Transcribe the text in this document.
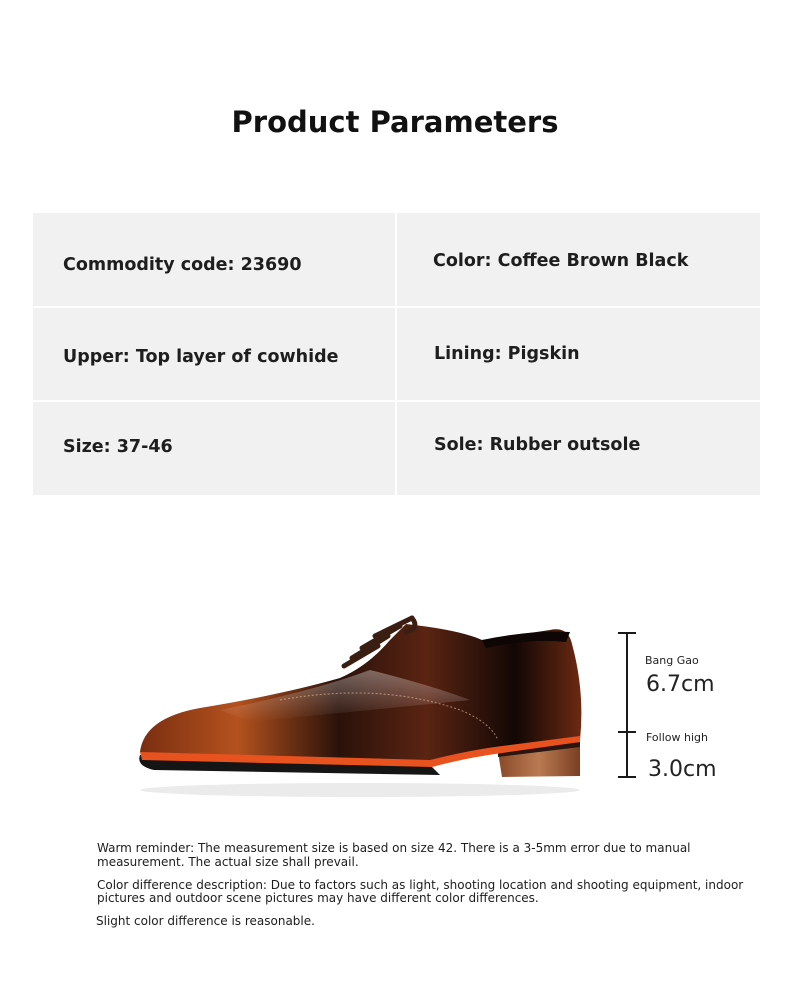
Product Parameters
Commodity code: 23690	Color: Coffee Brown Black
Upper: Top layer of cowhide	Lining: Pigskin
Size: 37-46	Sole: Rubber outsole
Bang Gao
6.7cm
Follow high
3.0cm
Warm reminder: The measurement size is based on size 42. There is a 3-5mm error due to manual
measurement. The actual size shall prevail.
Color difference description: Due to factors such as light, shooting location and shooting equipment, indoor
pictures and outdoor scene pictures may have different color differences.
Slight color difference is reasonable.
